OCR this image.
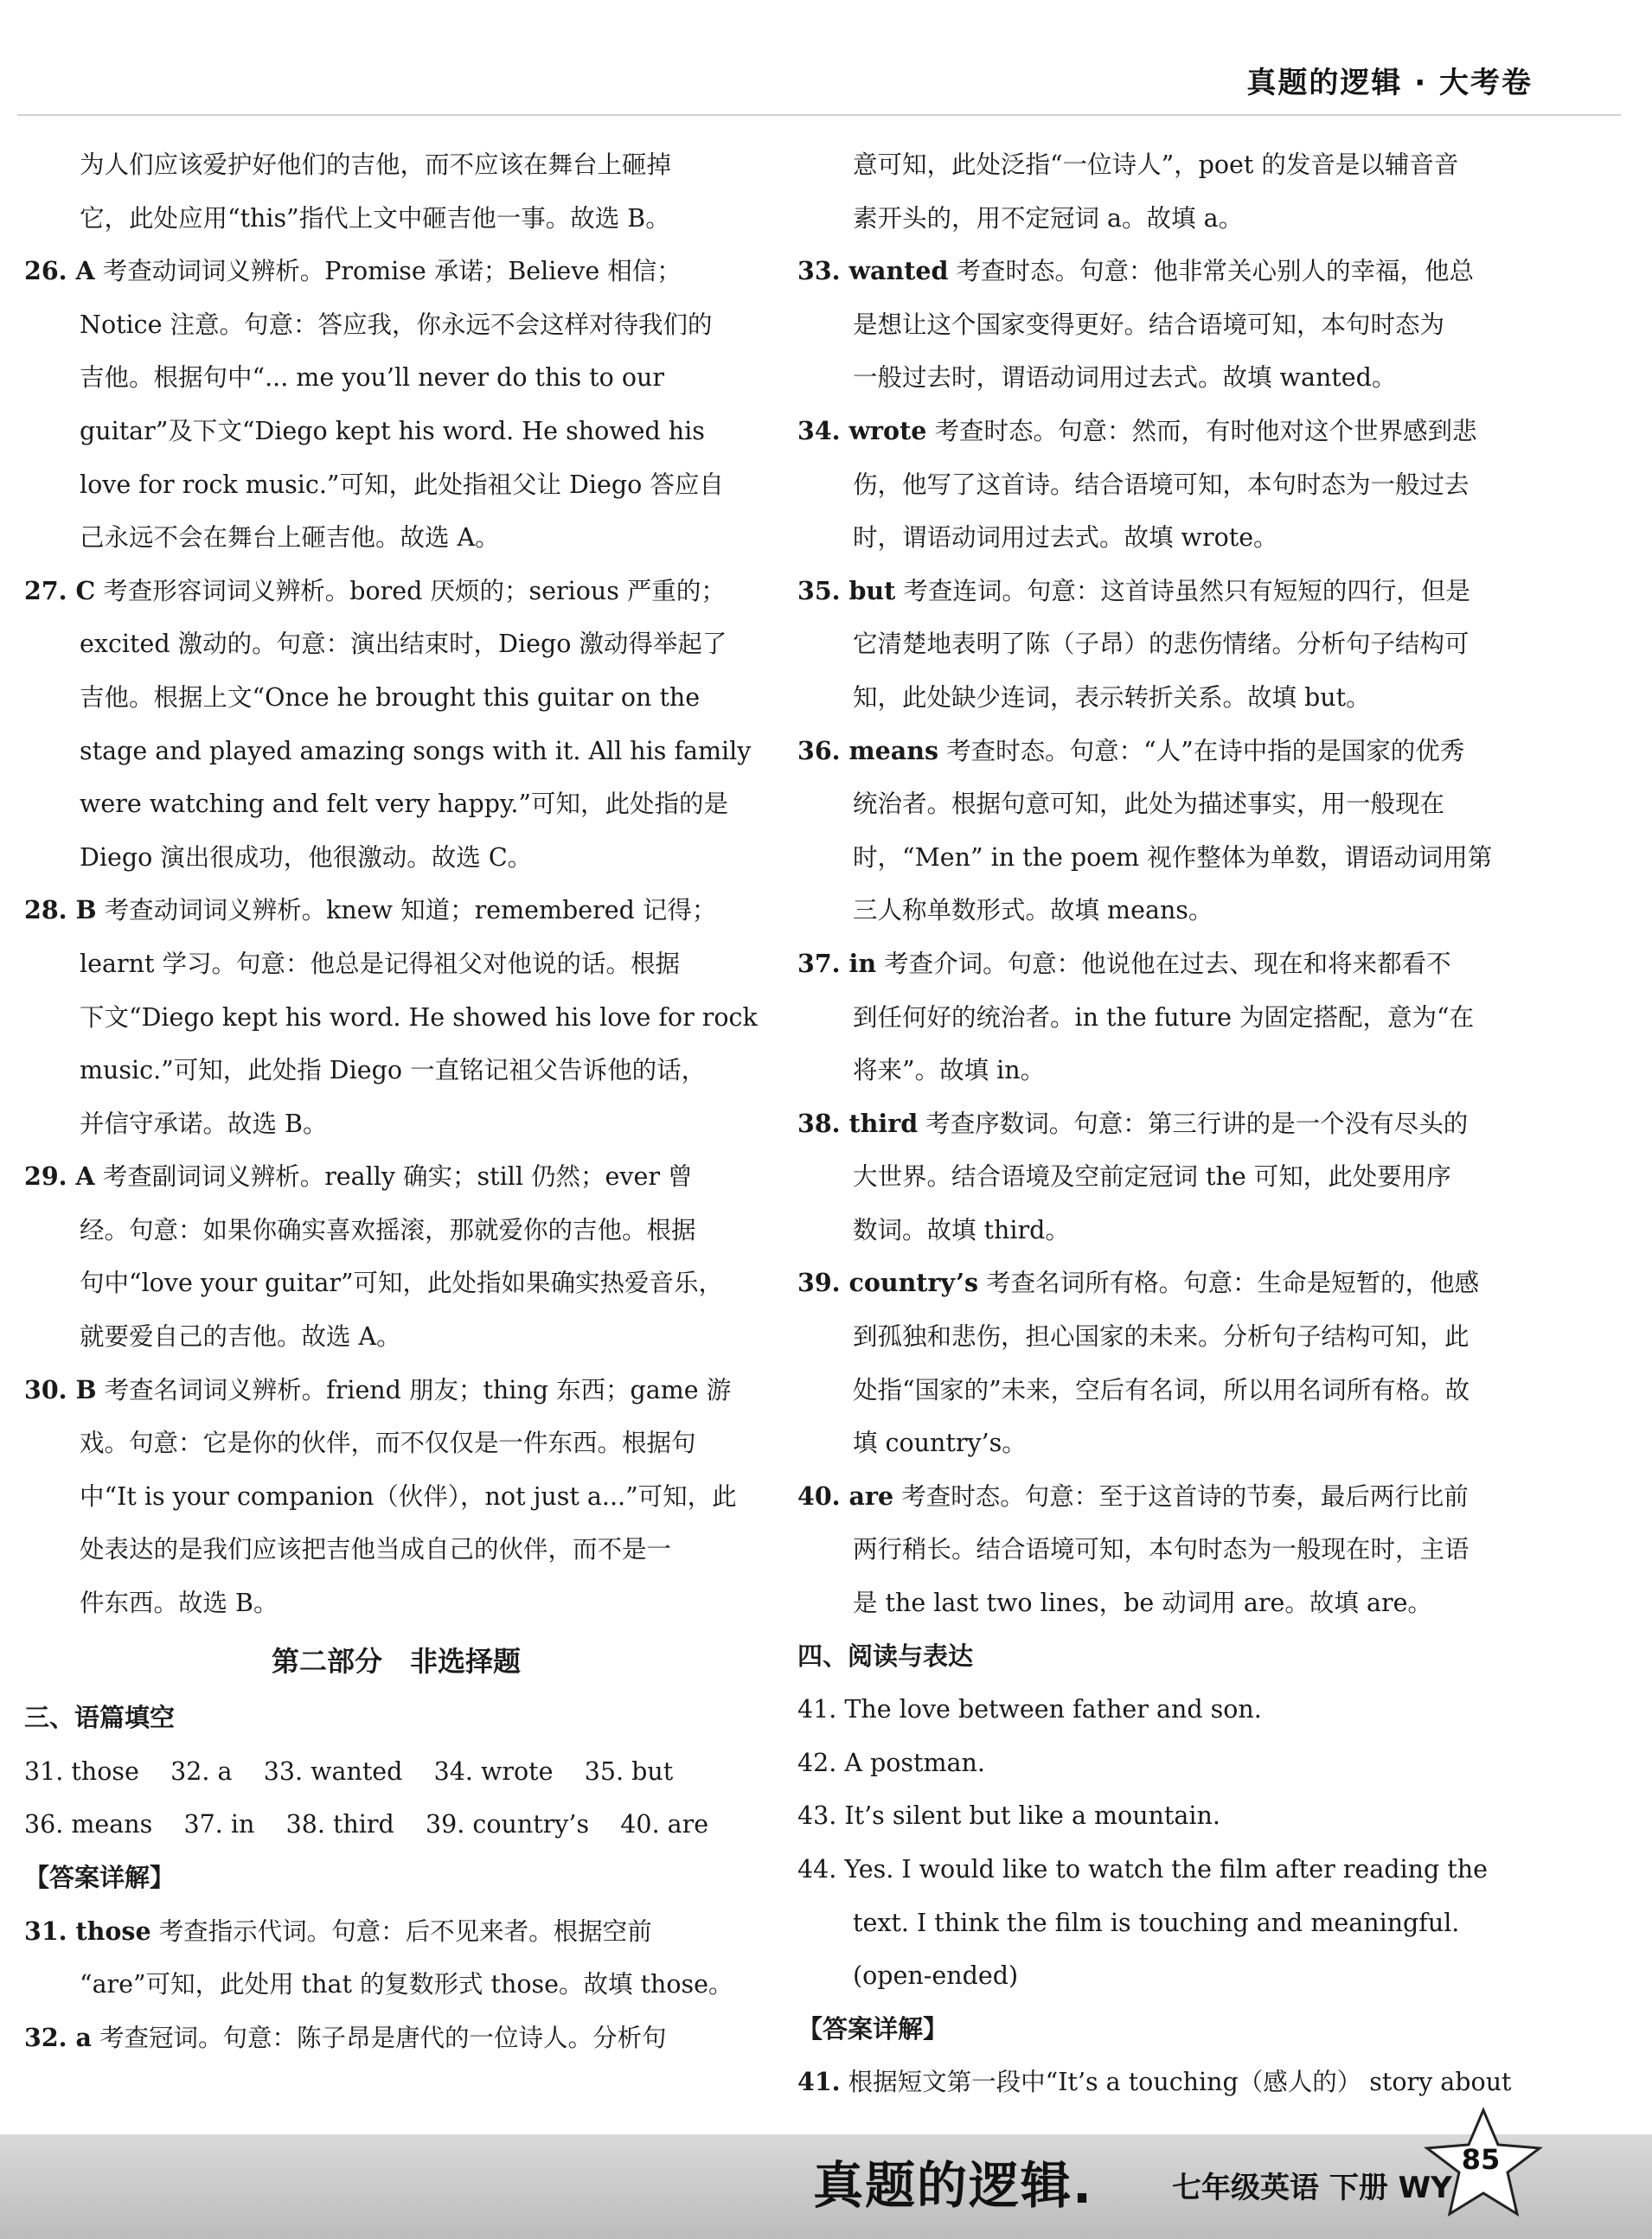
真题的逻辑 · 大考卷

为人们应该爱护好他们的吉他，而不应该在舞台上砸掉

它，此处应用“this”指代上文中砸吉他一事。故选 B。

26. A 考查动词词义辨析。Promise 承诺；Believe 相信；

Notice 注意。句意：答应我，你永远不会这样对待我们的

吉他。根据句中“... me you’ll never do this to our

guitar”及下文“Diego kept his word. He showed his

love for rock music.”可知，此处指祖父让 Diego 答应自

己永远不会在舞台上砸吉他。故选 A。

27. C 考查形容词词义辨析。bored 厌烦的；serious 严重的；

excited 激动的。句意：演出结束时，Diego 激动得举起了

吉他。根据上文“Once he brought this guitar on the

stage and played amazing songs with it. All his family

were watching and felt very happy.”可知，此处指的是

Diego 演出很成功，他很激动。故选 C。

28. B 考查动词词义辨析。knew 知道；remembered 记得；

learnt 学习。句意：他总是记得祖父对他说的话。根据

下文“Diego kept his word. He showed his love for rock

music.”可知，此处指 Diego 一直铭记祖父告诉他的话，

并信守承诺。故选 B。

29. A 考查副词词义辨析。really 确实；still 仍然；ever 曾

经。句意：如果你确实喜欢摇滚，那就爱你的吉他。根据

句中“love your guitar”可知，此处指如果确实热爱音乐，

就要爱自己的吉他。故选 A。

30. B 考查名词词义辨析。friend 朋友；thing 东西；game 游

戏。句意：它是你的伙伴，而不仅仅是一件东西。根据句

中“It is your companion（伙伴），not just a...”可知，此

处表达的是我们应该把吉他当成自己的伙伴，而不是一

件东西。故选 B。

第二部分　非选择题

三、语篇填空

31. those    32. a    33. wanted    34. wrote    35. but

36. means    37. in    38. third    39. country’s    40. are

【答案详解】

31. those 考查指示代词。句意：后不见来者。根据空前

“are”可知，此处用 that 的复数形式 those。故填 those。

32. a 考查冠词。句意：陈子昂是唐代的一位诗人。分析句

意可知，此处泛指“一位诗人”，poet 的发音是以辅音音

素开头的，用不定冠词 a。故填 a。

33. wanted 考查时态。句意：他非常关心别人的幸福，他总

是想让这个国家变得更好。结合语境可知，本句时态为

一般过去时，谓语动词用过去式。故填 wanted。

34. wrote 考查时态。句意：然而，有时他对这个世界感到悲

伤，他写了这首诗。结合语境可知，本句时态为一般过去

时，谓语动词用过去式。故填 wrote。

35. but 考查连词。句意：这首诗虽然只有短短的四行，但是

它清楚地表明了陈（子昂）的悲伤情绪。分析句子结构可

知，此处缺少连词，表示转折关系。故填 but。

36. means 考查时态。句意：“人”在诗中指的是国家的优秀

统治者。根据句意可知，此处为描述事实，用一般现在

时，“Men” in the poem 视作整体为单数，谓语动词用第

三人称单数形式。故填 means。

37. in 考查介词。句意：他说他在过去、现在和将来都看不

到任何好的统治者。in the future 为固定搭配，意为“在

将来”。故填 in。

38. third 考查序数词。句意：第三行讲的是一个没有尽头的

大世界。结合语境及空前定冠词 the 可知，此处要用序

数词。故填 third。

39. country’s 考查名词所有格。句意：生命是短暂的，他感

到孤独和悲伤，担心国家的未来。分析句子结构可知，此

处指“国家的”未来，空后有名词，所以用名词所有格。故

填 country’s。

40. are 考查时态。句意：至于这首诗的节奏，最后两行比前

两行稍长。结合语境可知，本句时态为一般现在时，主语

是 the last two lines，be 动词用 are。故填 are。

四、阅读与表达

41. The love between father and son.

42. A postman.

43. It’s silent but like a mountain.

44. Yes. I would like to watch the film after reading the

text. I think the film is touching and meaningful.

(open-ended)

【答案详解】

41. 根据短文第一段中“It’s a touching（感人的） story about

真题的逻辑.	七年级英语 下册 WY
85
